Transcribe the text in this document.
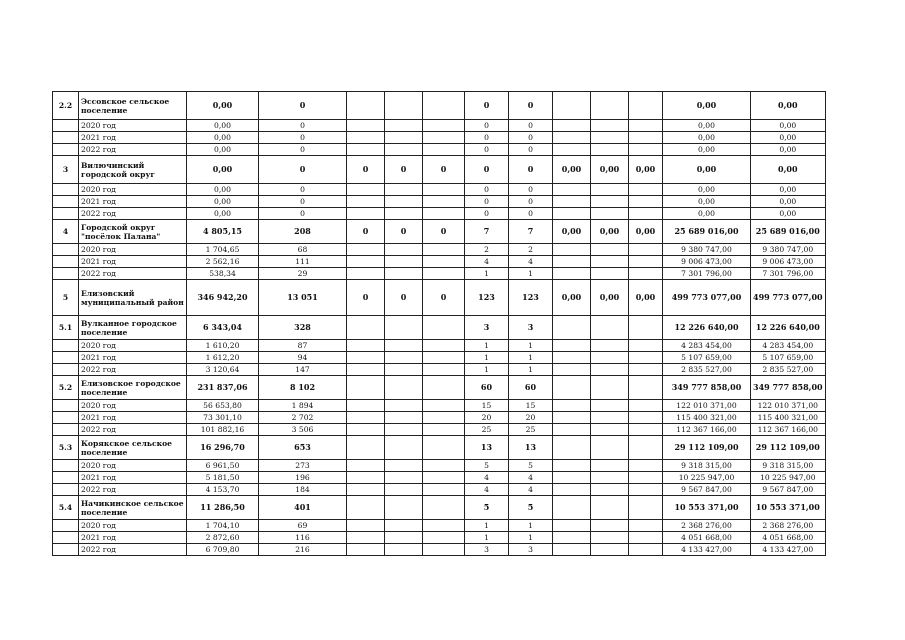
2.2	Эссовское сельское поселение	0,00	0				0	0				0,00	0,00
	2020 год	0,00	0				0	0				0,00	0,00
	2021 год	0,00	0				0	0				0,00	0,00
	2022 год	0,00	0				0	0				0,00	0,00
3	Вилючинский городской округ	0,00	0	0	0	0	0	0	0,00	0,00	0,00	0,00	0,00
	2020 год	0,00	0				0	0				0,00	0,00
	2021 год	0,00	0				0	0				0,00	0,00
	2022 год	0,00	0				0	0				0,00	0,00
4	Городской округ "посёлок Палана"	4 805,15	208	0	0	0	7	7	0,00	0,00	0,00	25 689 016,00	25 689 016,00
	2020 год	1 704,65	68				2	2				9 380 747,00	9 380 747,00
	2021 год	2 562,16	111				4	4				9 006 473,00	9 006 473,00
	2022 год	538,34	29				1	1				7 301 796,00	7 301 796,00
5	Елизовский муниципальный район	346 942,20	13 051	0	0	0	123	123	0,00	0,00	0,00	499 773 077,00	499 773 077,00
5.1	Вулканное городское поселение	6 343,04	328				3	3				12 226 640,00	12 226 640,00
	2020 год	1 610,20	87				1	1				4 283 454,00	4 283 454,00
	2021 год	1 612,20	94				1	1				5 107 659,00	5 107 659,00
	2022 год	3 120,64	147				1	1				2 835 527,00	2 835 527,00
5.2	Елизовское городское поселение	231 837,06	8 102				60	60				349 777 858,00	349 777 858,00
	2020 год	56 653,80	1 894				15	15				122 010 371,00	122 010 371,00
	2021 год	73 301,10	2 702				20	20				115 400 321,00	115 400 321,00
	2022 год	101 882,16	3 506				25	25				112 367 166,00	112 367 166,00
5.3	Корякское сельское поселение	16 296,70	653				13	13				29 112 109,00	29 112 109,00
	2020 год	6 961,50	273				5	5				9 318 315,00	9 318 315,00
	2021 год	5 181,50	196				4	4				10 225 947,00	10 225 947,00
	2022 год	4 153,70	184				4	4				9 567 847,00	9 567 847,00
5.4	Начикинское сельское поселение	11 286,50	401				5	5				10 553 371,00	10 553 371,00
	2020 год	1 704,10	69				1	1				2 368 276,00	2 368 276,00
	2021 год	2 872,60	116				1	1				4 051 668,00	4 051 668,00
	2022 год	6 709,80	216				3	3				4 133 427,00	4 133 427,00
